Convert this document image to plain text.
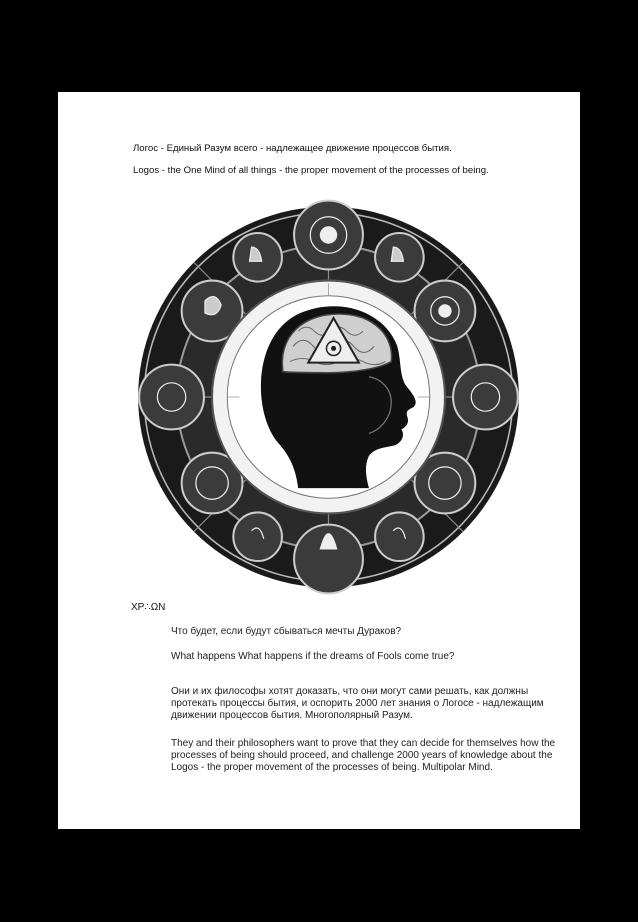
Логос - Единый Разум всего - надлежащее движение процессов бытия.

Logos - the One Mind of all things - the proper movement of the processes of being.

XP∴ΩN

Что будет, если будут сбываться мечты Дураков?

What happens What happens if the dreams of Fools come true?

Они и их философы хотят доказать, что они могут сами решать, как должны протекать процессы бытия, и оспорить 2000 лет знания о Логосе - надлежащим движении процессов бытия. Многополярный Разум.

They and their philosophers want to prove that they can decide for themselves how the processes of being should proceed, and challenge 2000 years of knowledge about the Logos - the proper movement of the processes of being. Multipolar Mind.
